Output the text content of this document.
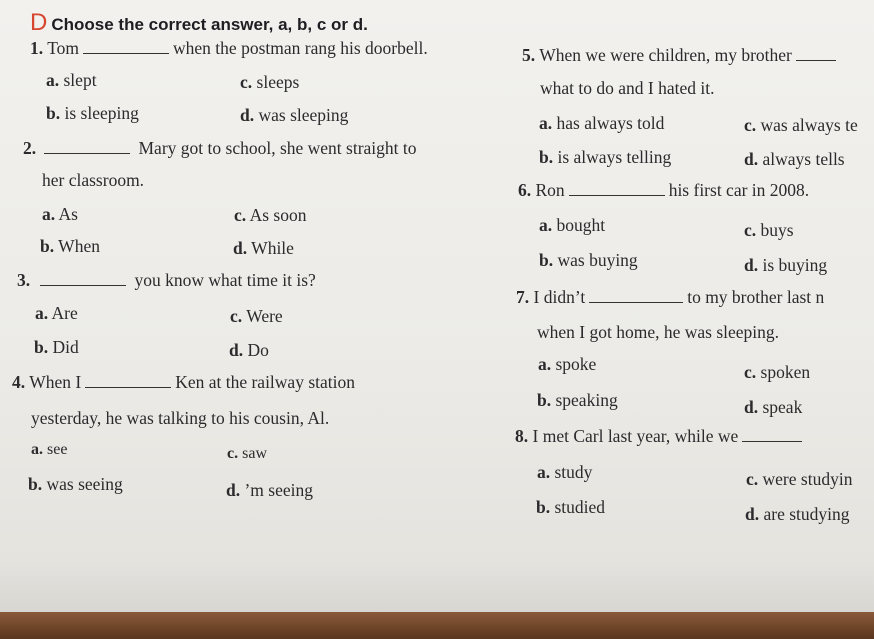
D Choose the correct answer, a, b, c or d.
1. Tom	when the postman rang his doorbell.
a. slept
b. is sleeping
c. sleeps
d. was sleeping
2.	Mary got to school, she went straight to
her classroom.
a. As
b. When
c. As soon
d. While
3.	you know what time it is?
a. Are
b. Did
c. Were
d. Do
4. When I	Ken at the railway station
yesterday, he was talking to his cousin, Al.
a. see
b. was seeing
c. saw
d. ’m seeing
5. When we were children, my brother
what to do and I hated it.
a. has always told
b. is always telling
c. was always te
d. always tells
6. Ron	his first car in 2008.
a. bought
b. was buying
c. buys
d. is buying
7. I didn’t	to my brother last n
when I got home, he was sleeping.
a. spoke
b. speaking
c. spoken
d. speak
8. I met Carl last year, while we
a. study
b. studied
c. were studyin
d. are studying
